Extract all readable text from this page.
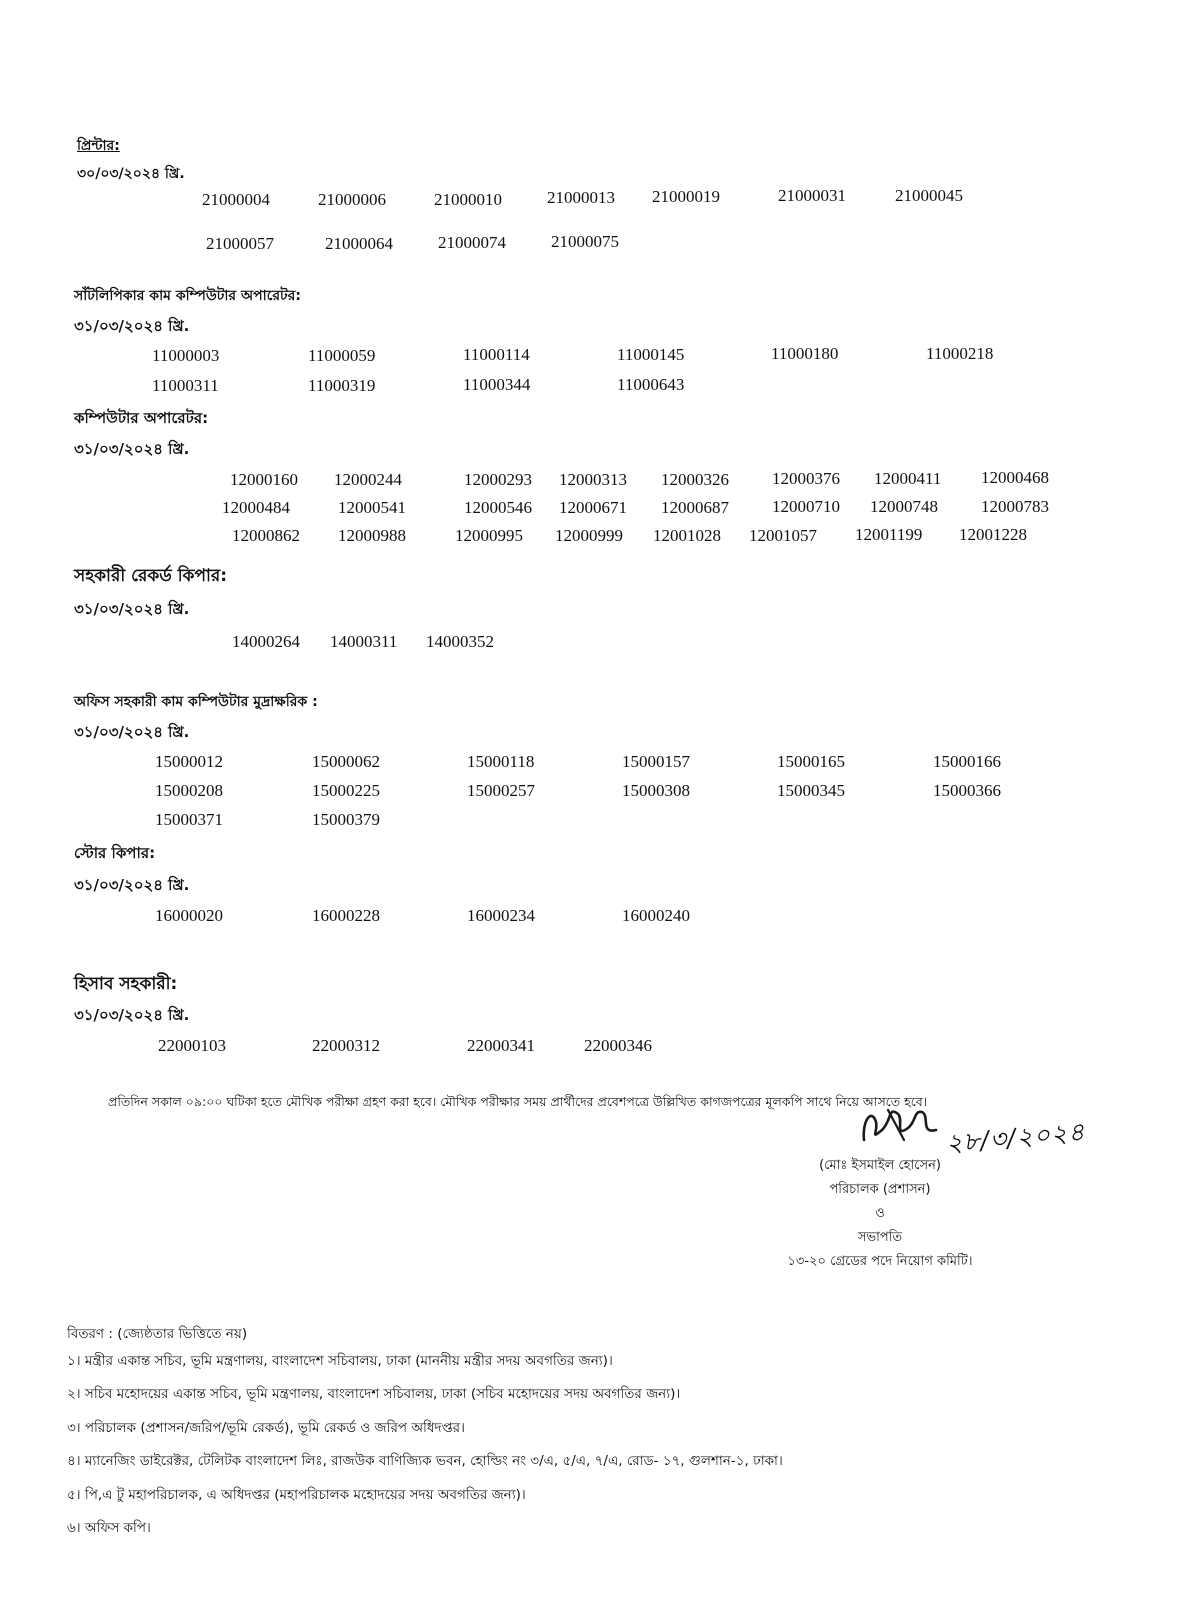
প্রিন্টার:
৩০/০৩/২০২৪ খ্রি.
21000004	21000006	21000010	21000013 21000019	21000031	21000045
21000057	21000064	21000074	21000075
সাঁটলিপিকার কাম কম্পিউটার অপারেটর:
৩১/০৩/২০২৪ খ্রি.
11000003	11000059	11000114	11000145	11000180	11000218
11000311	11000319	11000344	11000643
কম্পিউটার অপারেটর:
৩১/০৩/২০২৪ খ্রি.
12000160 12000244	12000293 12000313 12000326	12000376 12000411 12000468
12000484	12000541	12000546 12000671 12000687	12000710 12000748	12000783
12000862 12000988	12000995 12000999 12001028 12001057 12001199 12001228
সহকারী রেকর্ড কিপার:
৩১/০৩/২০২৪ খ্রি.
14000264 14000311 14000352
অফিস সহকারী কাম কম্পিউটার মুদ্রাক্ষরিক :
৩১/০৩/২০২৪ খ্রি.
15000012	15000062	15000118	15000157	15000165	15000166
15000208	15000225	15000257	15000308	15000345	15000366
15000371	15000379
স্টোর কিপার:
৩১/০৩/২০২৪ খ্রি.
16000020	16000228	16000234	16000240
হিসাব সহকারী:
৩১/০৩/২০২৪ খ্রি.
22000103	22000312	22000341	22000346
প্রতিদিন সকাল ০৯:০০ ঘটিকা হতে মৌখিক পরীক্ষা গ্রহণ করা হবে। মৌখিক পরীক্ষার সময় প্রার্থীদের প্রবেশপত্রে উল্লিখিত কাগজপত্রের মূলকপি সাথে নিয়ে আসতে হবে।
২৮/৩/২০২৪
(মোঃ ইসমাইল হোসেন)
পরিচালক (প্রশাসন)
ও
সভাপতি
১৩-২০ গ্রেডের পদে নিয়োগ কমিটি।
বিতরণ : (জ্যেষ্ঠতার ভিত্তিতে নয়)
১। মন্ত্রীর একান্ত সচিব, ভূমি মন্ত্রণালয়, বাংলাদেশ সচিবালয়, ঢাকা (মাননীয় মন্ত্রীর সদয় অবগতির জন্য)।
২। সচিব মহোদয়ের একান্ত সচিব, ভূমি মন্ত্রণালয়, বাংলাদেশ সচিবালয়, ঢাকা (সচিব মহোদয়ের সদয় অবগতির জন্য)।
৩। পরিচালক (প্রশাসন/জরিপ/ভূমি রেকর্ড), ভূমি রেকর্ড ও জরিপ অধিদপ্তর।
৪। ম্যানেজিং ডাইরেক্টর, টেলিটক বাংলাদেশ লিঃ, রাজউক বাণিজ্যিক ভবন, হোল্ডিং নং ৩/এ, ৫/এ, ৭/এ, রোড- ১৭, গুলশান-১, ঢাকা।
৫। পি,এ টু মহাপরিচালক, এ অধিদপ্তর (মহাপরিচালক মহোদয়ের সদয় অবগতির জন্য)।
৬। অফিস কপি।
